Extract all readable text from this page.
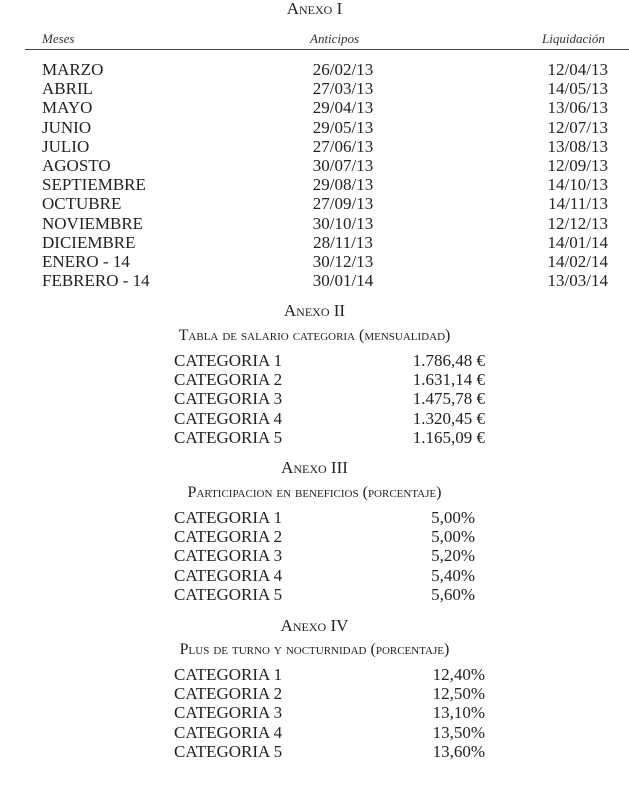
Anexo I
Meses	Anticipos	Liquidación
MARZO	26/02/13	12/04/13
ABRIL	27/03/13	14/05/13
MAYO	29/04/13	13/06/13
JUNIO	29/05/13	12/07/13
JULIO	27/06/13	13/08/13
AGOSTO	30/07/13	12/09/13
SEPTIEMBRE	29/08/13	14/10/13
OCTUBRE	27/09/13	14/11/13
NOVIEMBRE	30/10/13	12/12/13
DICIEMBRE	28/11/13	14/01/14
ENERO - 14	30/12/13	14/02/14
FEBRERO - 14	30/01/14	13/03/14
Anexo II
Tabla de salario categoria (mensualidad)
CATEGORIA 1	1.786,48 €
CATEGORIA 2	1.631,14 €
CATEGORIA 3	1.475,78 €
CATEGORIA 4	1.320,45 €
CATEGORIA 5	1.165,09 €
Anexo III
Participacion en beneficios (porcentaje)
CATEGORIA 1	5,00%
CATEGORIA 2	5,00%
CATEGORIA 3	5,20%
CATEGORIA 4	5,40%
CATEGORIA 5	5,60%
Anexo IV
Plus de turno y nocturnidad (porcentaje)
CATEGORIA 1	12,40%
CATEGORIA 2	12,50%
CATEGORIA 3	13,10%
CATEGORIA 4	13,50%
CATEGORIA 5	13,60%
